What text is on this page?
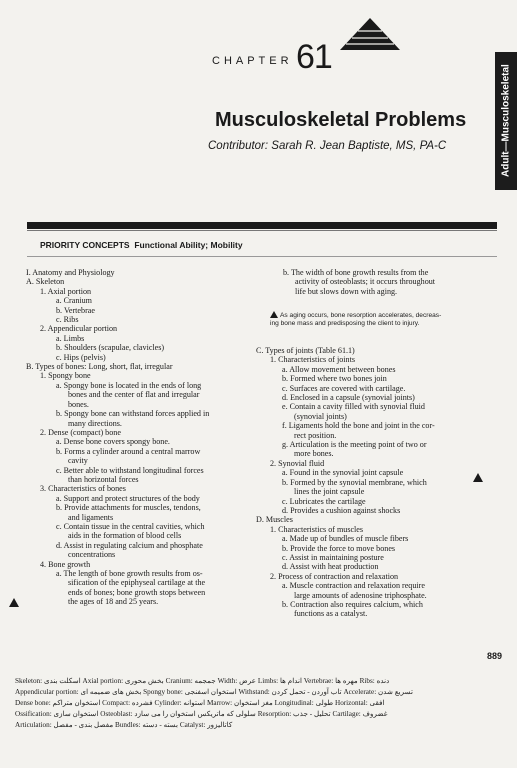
CHAPTER 61
Adult—Musculoskeletal
Musculoskeletal Problems
Contributor: Sarah R. Jean Baptiste, MS, PA-C
PRIORITY CONCEPTS Functional Ability; Mobility
I. Anatomy and Physiology
A. Skeleton
1. Axial portion
a. Cranium
b. Vertebrae
c. Ribs
2. Appendicular portion
a. Limbs
b. Shoulders (scapulae, clavicles)
c. Hips (pelvis)
B. Types of bones: Long, short, flat, irregular
1. Spongy bone
a. Spongy bone is located in the ends of long
bones and the center of flat and irregular
bones.
b. Spongy bone can withstand forces applied in
many directions.
2. Dense (compact) bone
a. Dense bone covers spongy bone.
b. Forms a cylinder around a central marrow
cavity
c. Better able to withstand longitudinal forces
than horizontal forces
3. Characteristics of bones
a. Support and protect structures of the body
b. Provide attachments for muscles, tendons,
and ligaments
c. Contain tissue in the central cavities, which
aids in the formation of blood cells
d. Assist in regulating calcium and phosphate
concentrations
4. Bone growth
a. The length of bone growth results from os-
sification of the epiphyseal cartilage at the
ends of bones; bone growth stops between
the ages of 18 and 25 years.
b. The width of bone growth results from the
activity of osteoblasts; it occurs throughout
life but slows down with aging.
As aging occurs, bone resorption accelerates, decreas-
ing bone mass and predisposing the client to injury.
C. Types of joints (Table 61.1)
1. Characteristics of joints
a. Allow movement between bones
b. Formed where two bones join
c. Surfaces are covered with cartilage.
d. Enclosed in a capsule (synovial joints)
e. Contain a cavity filled with synovial fluid
(synovial joints)
f. Ligaments hold the bone and joint in the cor-
rect position.
g. Articulation is the meeting point of two or
more bones.
2. Synovial fluid
a. Found in the synovial joint capsule
b. Formed by the synovial membrane, which
lines the joint capsule
c. Lubricates the cartilage
d. Provides a cushion against shocks
D. Muscles
1. Characteristics of muscles
a. Made up of bundles of muscle fibers
b. Provide the force to move bones
c. Assist in maintaining posture
d. Assist with heat production
2. Process of contraction and relaxation
a. Muscle contraction and relaxation require
large amounts of adenosine triphosphate.
b. Contraction also requires calcium, which
functions as a catalyst.
889
Skeleton: اسکلت بندی Axial portion: بخش محوری Cranium: جمجمه Width: عرض Limbs: اندام ها Vertebrae: مهره ها Ribs: دنده
Appendicular portion: بخش های ضمیمه ای Spongy bone: استخوان اسفنجی Withstand: تاب آوردن - تحمل کردن Accelerate: تسریع شدن
Dense bone: استخوان متراکم Compact: فشرده Cylinder: استوانه Marrow: مغز استخوان Longitudinal: طولی Horizontal: افقی
Ossification: استخوان سازی Osteoblast: سلولی که ماتریکس استخوان را می سازد Resorption: تحلیل - جذب Cartilage: غضروف
Articulation: مفصل بندی - مفصل Bundles: بسته - دسته Catalyst: کاتالیزور
